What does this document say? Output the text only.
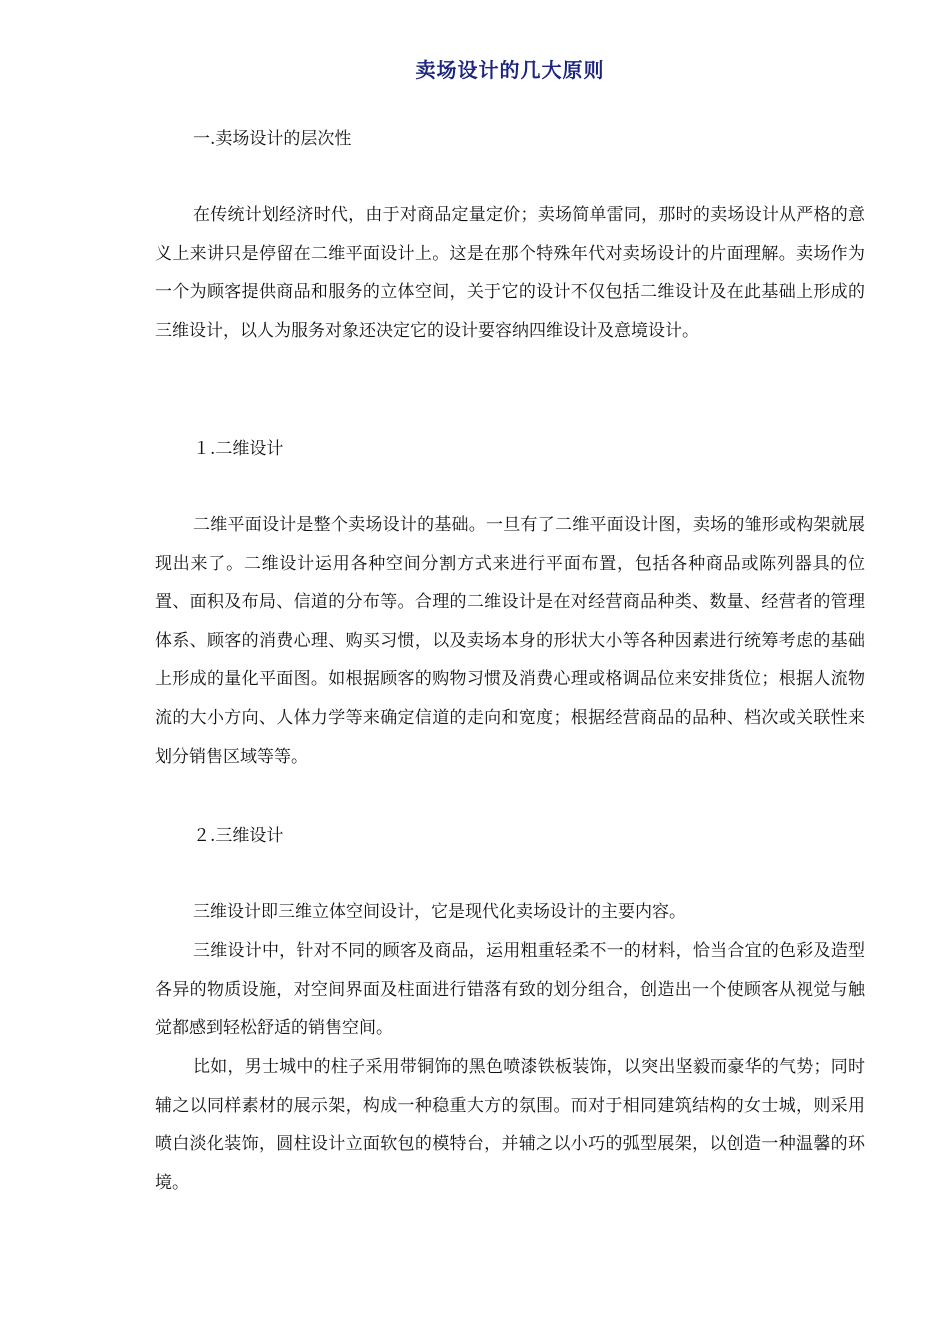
卖场设计的几大原则
一.卖场设计的层次性
在传统计划经济时代，由于对商品定量定价；卖场简单雷同，那时的卖场设计从严格的意义上来讲只是停留在二维平面设计上。这是在那个特殊年代对卖场设计的片面理解。卖场作为一个为顾客提供商品和服务的立体空间，关于它的设计不仅包括二维设计及在此基础上形成的三维设计，以人为服务对象还决定它的设计要容纳四维设计及意境设计。
１.二维设计
二维平面设计是整个卖场设计的基础。一旦有了二维平面设计图，卖场的雏形或构架就展现出来了。二维设计运用各种空间分割方式来进行平面布置，包括各种商品或陈列器具的位置、面积及布局、信道的分布等。合理的二维设计是在对经营商品种类、数量、经营者的管理体系、顾客的消费心理、购买习惯，以及卖场本身的形状大小等各种因素进行统筹考虑的基础上形成的量化平面图。如根据顾客的购物习惯及消费心理或格调品位来安排货位；根据人流物流的大小方向、人体力学等来确定信道的走向和宽度；根据经营商品的品种、档次或关联性来划分销售区域等等。
２.三维设计
三维设计即三维立体空间设计，它是现代化卖场设计的主要内容。
三维设计中，针对不同的顾客及商品，运用粗重轻柔不一的材料，恰当合宜的色彩及造型各异的物质设施，对空间界面及柱面进行错落有致的划分组合，创造出一个使顾客从视觉与触觉都感到轻松舒适的销售空间。
比如，男士城中的柱子采用带铜饰的黑色喷漆铁板装饰，以突出坚毅而豪华的气势；同时辅之以同样素材的展示架，构成一种稳重大方的氛围。而对于相同建筑结构的女士城，则采用喷白淡化装饰，圆柱设计立面软包的模特台，并辅之以小巧的弧型展架，以创造一种温馨的环境。
